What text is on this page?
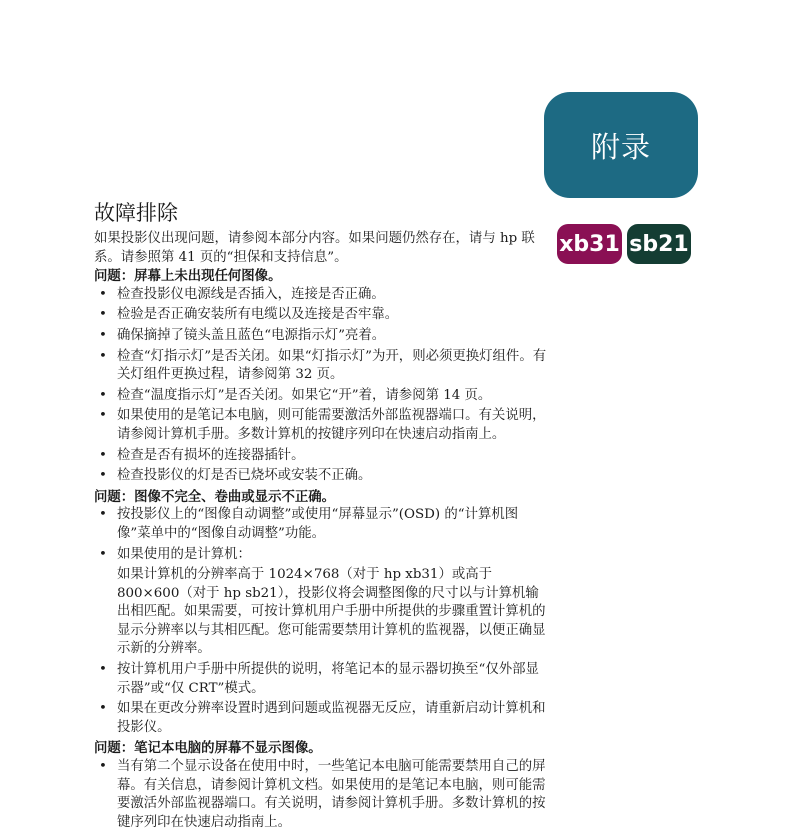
附录
xb31 sb21
故障排除

如果投影仪出现问题，请参阅本部分内容。如果问题仍然存在，请与 hp 联系。请参照第 41 页的“担保和支持信息”。

问题：屏幕上未出现任何图像。

• 检查投影仪电源线是否插入，连接是否正确。
• 检验是否正确安装所有电缆以及连接是否牢靠。
• 确保摘掉了镜头盖且蓝色“电源指示灯”亮着。
• 检查“灯指示灯”是否关闭。如果“灯指示灯”为开，则必须更换灯组件。有关灯组件更换过程，请参阅第 32 页。
• 检查“温度指示灯”是否关闭。如果它“开”着，请参阅第 14 页。
• 如果使用的是笔记本电脑，则可能需要激活外部监视器端口。有关说明，请参阅计算机手册。多数计算机的按键序列印在快速启动指南上。
• 检查是否有损坏的连接器插针。
• 检查投影仪的灯是否已烧坏或安装不正确。

问题：图像不完全、卷曲或显示不正确。

• 按投影仪上的“图像自动调整”或使用“屏幕显示”(OSD) 的“计算机图像”菜单中的“图像自动调整”功能。
• 如果使用的是计算机：

如果计算机的分辨率高于 1024×768（对于 hp xb31）或高于 800×600（对于 hp sb21），投影仪将会调整图像的尺寸以与计算机输出相匹配。如果需要，可按计算机用户手册中所提供的步骤重置计算机的显示分辨率以与其相匹配。您可能需要禁用计算机的监视器，以便正确显示新的分辨率。

• 按计算机用户手册中所提供的说明，将笔记本的显示器切换至“仅外部显示器”或“仅 CRT”模式。
• 如果在更改分辨率设置时遇到问题或监视器无反应，请重新启动计算机和投影仪。

问题：笔记本电脑的屏幕不显示图像。

• 当有第二个显示设备在使用中时，一些笔记本电脑可能需要禁用自己的屏幕。有关信息，请参阅计算机文档。如果使用的是笔记本电脑，则可能需要激活外部监视器端口。有关说明，请参阅计算机手册。多数计算机的按键序列印在快速启动指南上。
